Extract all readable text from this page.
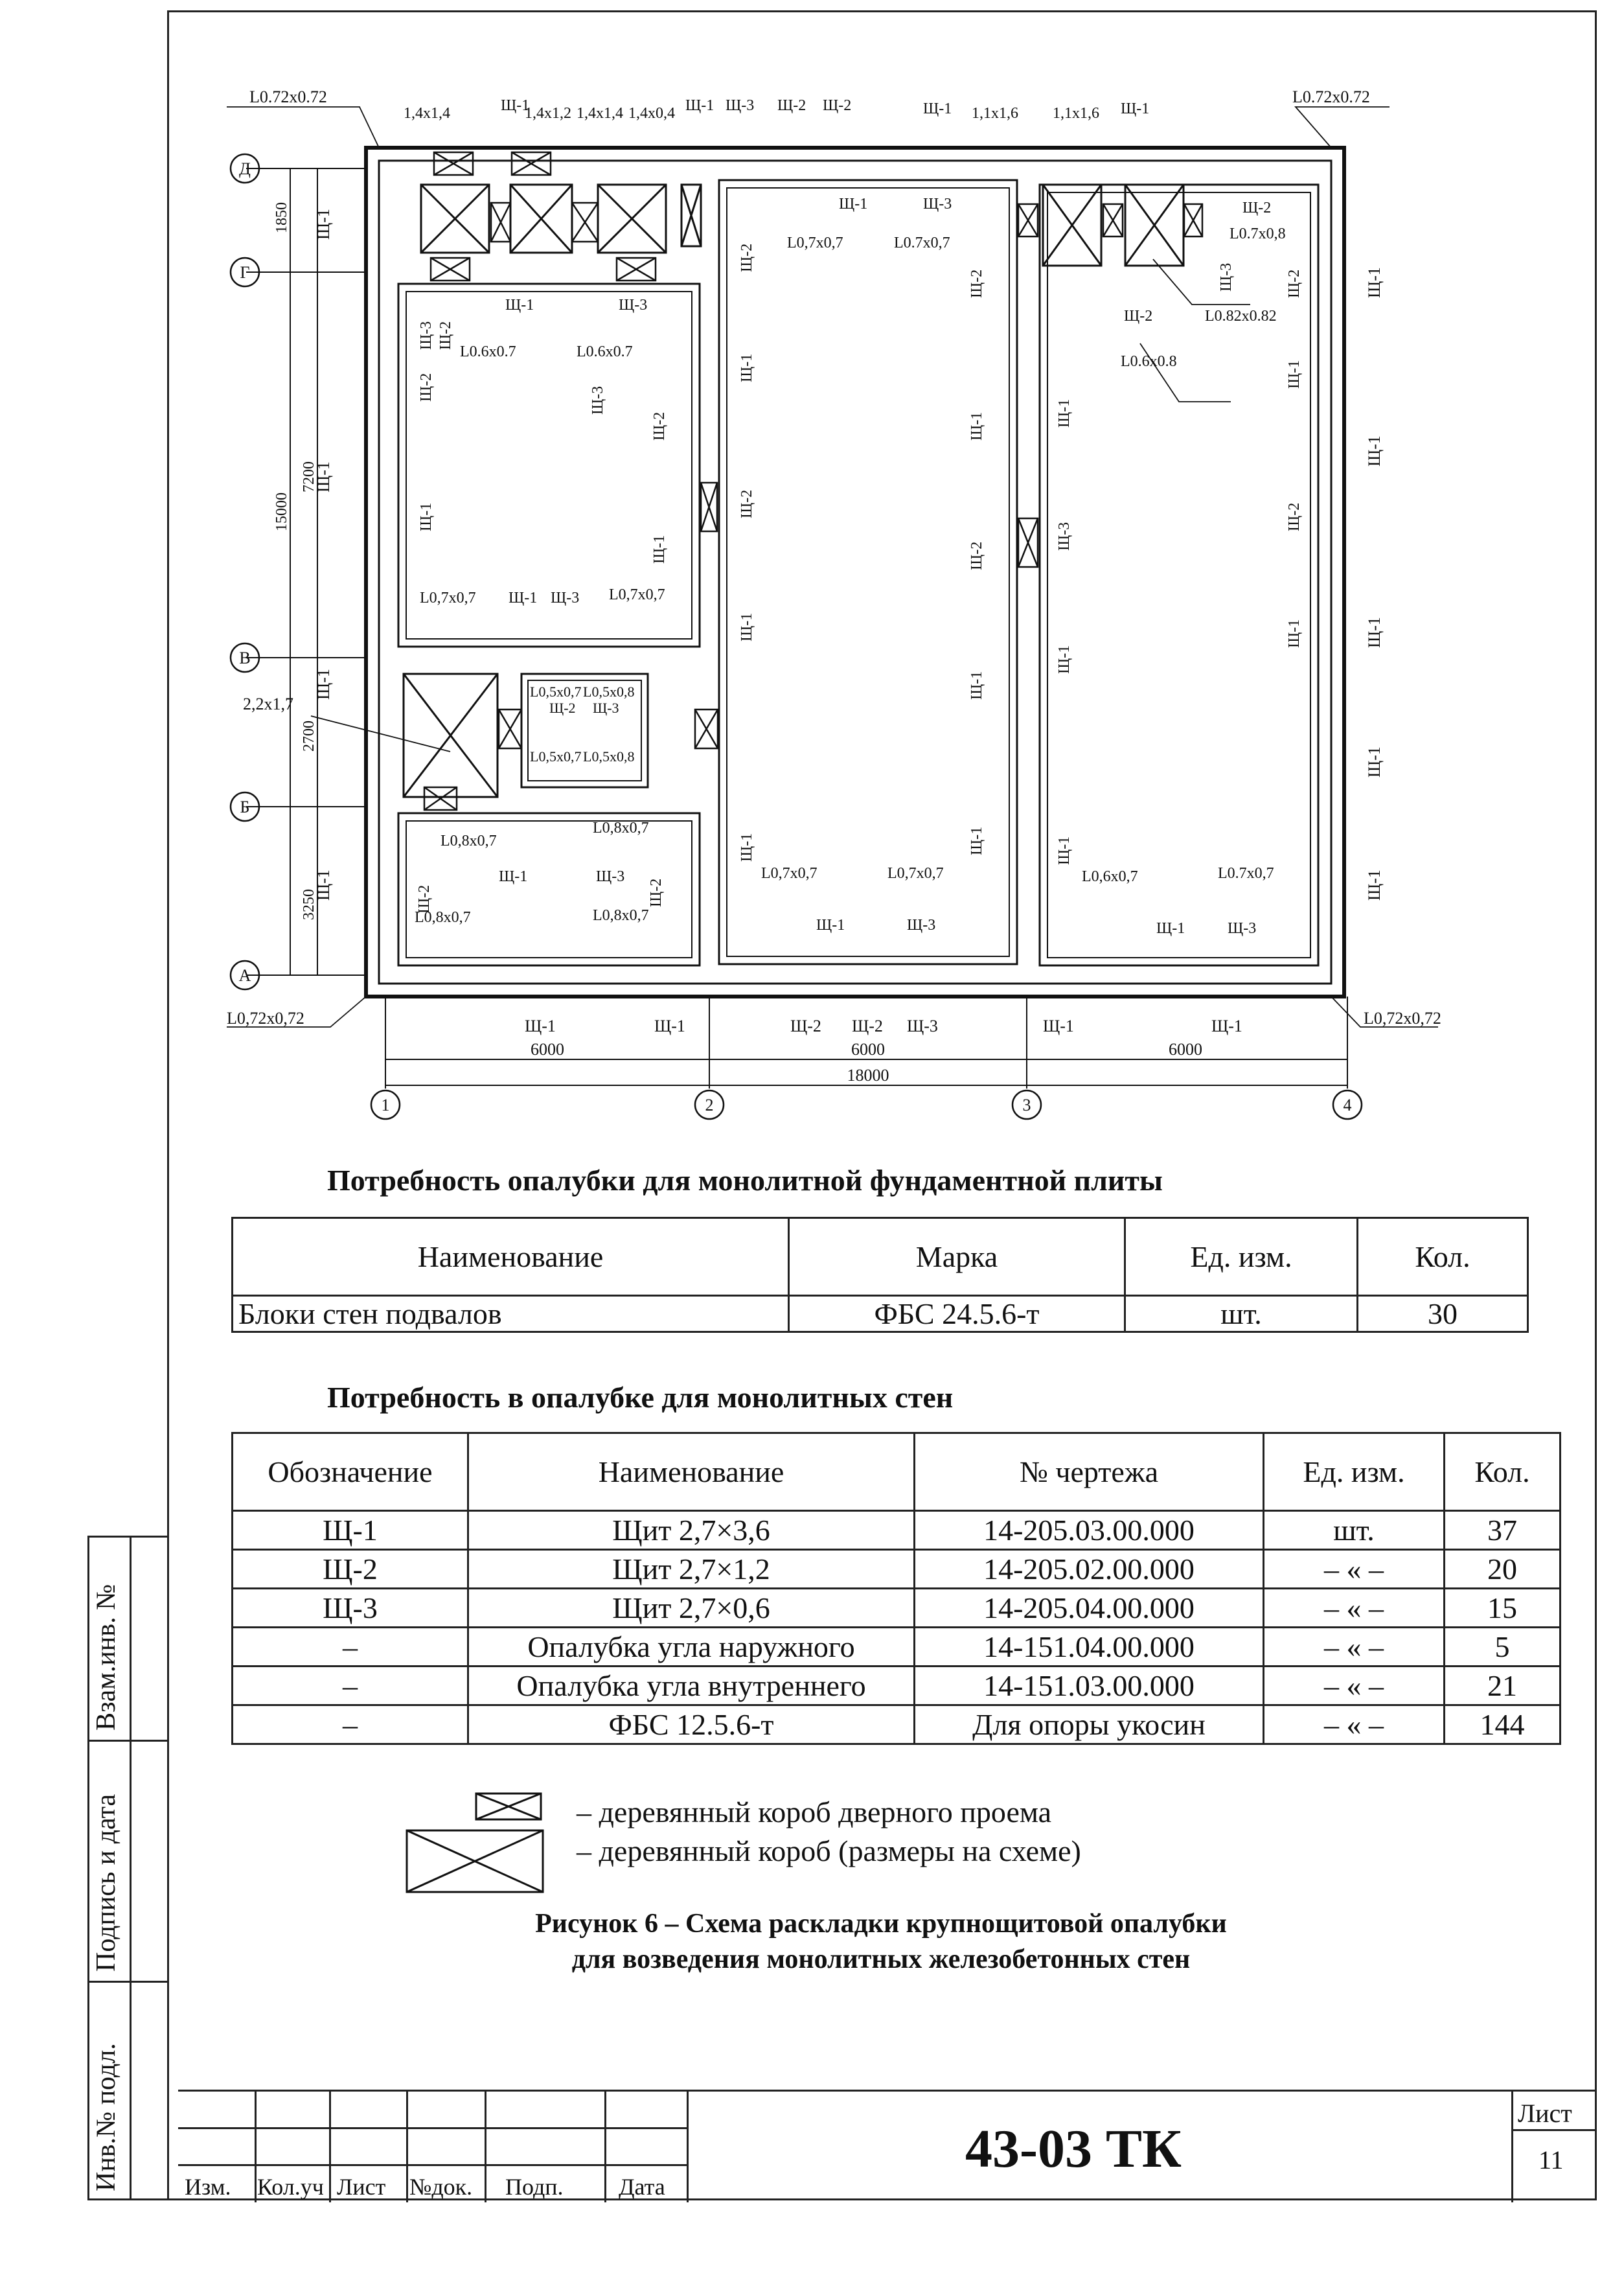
Взам.инв. №
Подпись и дата
Инв.№ подл.
Д
Г
В
Б
А
1	2	3	4
1850
7200
15000
2700
3250
6000	6000	6000
18000
L0.72x0.72	L0.72x0.72
L0,72x0,72	L0,72x0,72
1,4x1,4	Щ-1
1,4x1,2 1,4x1,4 1,4x0,4 Щ-1 Щ-3 Щ-2 Щ-2	Щ-1 1,1x1,6 1,1x1,6 Щ-1
Щ-1	Щ-1	Щ-2 Щ-2 Щ-3	Щ-1	Щ-1
Щ-1
Щ-1
Щ-1
Щ-1
Щ-1
Щ-1
Щ-1
Щ-1
Щ-1
Щ-1	Щ-3
Щ-3
Щ-2
Щ-2
L0.6x0.7	L0.6x0.7
Щ-3
Щ-2
Щ-1
Щ-1
L0,7x0,7 Щ-1 Щ-3 L0,7x0,7
Щ-1	Щ-3
Щ-2
L0,7x0,7	L0.7x0,7
Щ-2
Щ-1
Щ-1
Щ-2
Щ-2
Щ-1
Щ-1
Щ-1	Щ-1
L0,7x0,7	L0,7x0,7
Щ-1	Щ-3
Щ-2
L0.7x0,8
Щ-3	Щ-2
Щ-2	L0.82x0.82
L0.6x0.8
Щ-1
Щ-1
Щ-3
Щ-2
Щ-1
Щ-1
Щ-1
L0,6x0,7	L0.7x0,7
Щ-1	Щ-3
L0,5x0,7 L0,5x0,8
Щ-2 Щ-3
L0,5x0,7 L0,5x0,8
L0,8x0,7
L0,8x0,7
Щ-2
Щ-1	Щ-3
Щ-2
L0,8x0,7	L0,8x0,7
2,2x1,7
Потребность опалубки для монолитной фундаментной плиты
Наименование	Марка	Ед. изм.	Кол.
Блоки стен подвалов	ФБС 24.5.6-т	шт.	30
Потребность в опалубке для монолитных стен
Обозначение	Наименование	№ чертежа	Ед. изм.	Кол.
Щ-1	Щит 2,7×3,6	14-205.03.00.000	шт.	37
Щ-2	Щит 2,7×1,2	14-205.02.00.000	– « –	20
Щ-3	Щит 2,7×0,6	14-205.04.00.000	– « –	15
–	Опалубка угла наружного	14-151.04.00.000	– « –	5
–	Опалубка угла внутреннего	14-151.03.00.000	– « –	21
–	ФБС 12.5.6-т	Для опоры укосин	– « –	144
– деревянный короб дверного проема
– деревянный короб (размеры на схеме)
Рисунок 6 – Схема раскладки крупнощитовой опалубки
для возведения монолитных железобетонных стен
Изм. Кол.уч Лист №док. Подп. Дата
43-03 ТК
Лист
11
